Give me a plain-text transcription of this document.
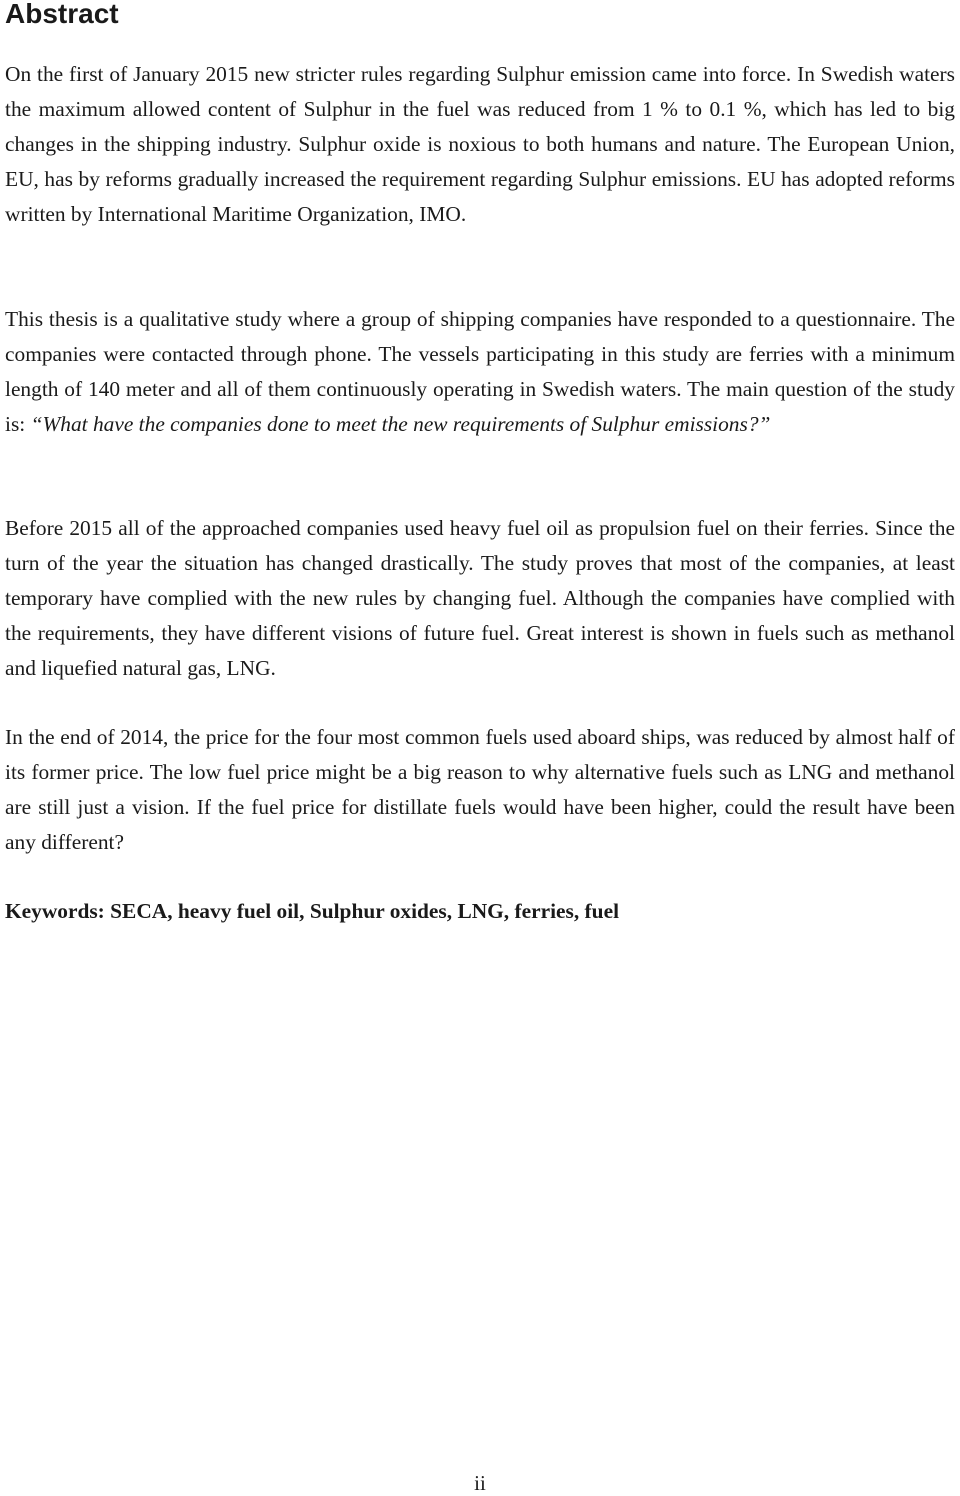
Abstract

On the first of January 2015 new stricter rules regarding Sulphur emission came into force. In Swedish waters the maximum allowed content of Sulphur in the fuel was reduced from 1 % to 0.1 %, which has led to big changes in the shipping industry. Sulphur oxide is noxious to both humans and nature. The European Union, EU, has by reforms gradually increased the requirement regarding Sulphur emissions. EU has adopted reforms written by International Maritime Organization, IMO.

This thesis is a qualitative study where a group of shipping companies have responded to a questionnaire. The companies were contacted through phone. The vessels participating in this study are ferries with a minimum length of 140 meter and all of them continuously operating in Swedish waters. The main question of the study is: “What have the companies done to meet the new requirements of Sulphur emissions?”

Before 2015 all of the approached companies used heavy fuel oil as propulsion fuel on their ferries. Since the turn of the year the situation has changed drastically. The study proves that most of the companies, at least temporary have complied with the new rules by changing fuel. Although the companies have complied with the requirements, they have different visions of future fuel. Great interest is shown in fuels such as methanol and liquefied natural gas, LNG.

In the end of 2014, the price for the four most common fuels used aboard ships, was reduced by almost half of its former price. The low fuel price might be a big reason to why alternative fuels such as LNG and methanol are still just a vision. If the fuel price for distillate fuels would have been higher, could the result have been any different?

Keywords: SECA, heavy fuel oil, Sulphur oxides, LNG, ferries, fuel

ii
